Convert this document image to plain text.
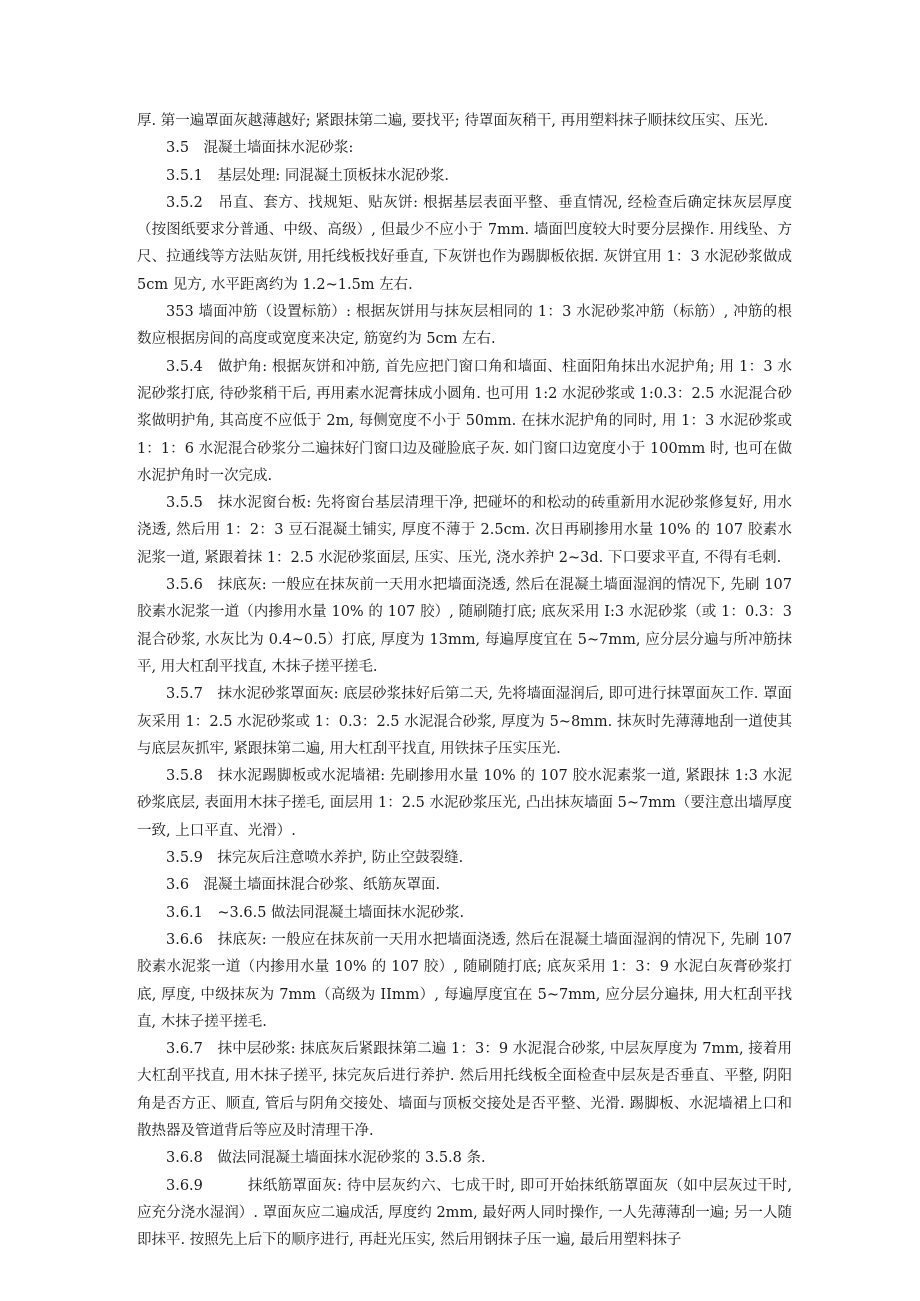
厚. 第一遍罩面灰越薄越好; 紧跟抹第二遍, 要找平; 待罩面灰稍干, 再用塑料抹子顺抹纹压实、压光.

3.5　混凝土墙面抹水泥砂浆:

3.5.1　基层处理: 同混凝土顶板抹水泥砂浆.

3.5.2　吊直、套方、找规矩、贴灰饼: 根据基层表面平整、垂直情况, 经检查后确定抹灰层厚度（按图纸要求分普通、中级、高级）, 但最少不应小于 7mm. 墙面凹度较大时要分层操作. 用线坠、方尺、拉通线等方法贴灰饼, 用托线板找好垂直, 下灰饼也作为踢脚板依据. 灰饼宜用 1：3 水泥砂浆做成 5cm 见方, 水平距离约为 1.2~1.5m 左右.

353 墙面冲筋（设置标筋）: 根据灰饼用与抹灰层相同的 1：3 水泥砂浆冲筋（标筋）, 冲筋的根数应根据房间的高度或宽度来决定, 筋宽约为 5cm 左右.

3.5.4　做护角: 根据灰饼和冲筋, 首先应把门窗口角和墙面、柱面阳角抹出水泥护角; 用 1：3 水泥砂浆打底, 待砂浆稍干后, 再用素水泥膏抹成小圆角. 也可用 1:2 水泥砂浆或 1:0.3：2.5 水泥混合砂浆做明护角, 其高度不应低于 2m, 每侧宽度不小于 50mm. 在抹水泥护角的同时, 用 1：3 水泥砂浆或 1：1：6 水泥混合砂浆分二遍抹好门窗口边及碰脸底子灰. 如门窗口边宽度小于 100mm 时, 也可在做水泥护角时一次完成.

3.5.5　抹水泥窗台板: 先将窗台基层清理干净, 把碰坏的和松动的砖重新用水泥砂浆修复好, 用水浇透, 然后用 1：2：3 豆石混凝土铺实, 厚度不薄于 2.5cm. 次日再刷掺用水量 10% 的 107 胶素水泥浆一道, 紧跟着抹 1：2.5 水泥砂浆面层, 压实、压光, 浇水养护 2~3d. 下口要求平直, 不得有毛刺.

3.5.6　抹底灰: 一般应在抹灰前一天用水把墙面浇透, 然后在混凝土墙面湿润的情况下, 先刷 107 胶素水泥浆一道（内掺用水量 10% 的 107 胶）, 随刷随打底; 底灰采用 I:3 水泥砂浆（或 1：0.3：3 混合砂浆, 水灰比为 0.4~0.5）打底, 厚度为 13mm, 每遍厚度宜在 5~7mm, 应分层分遍与所冲筋抹平, 用大杠刮平找直, 木抹子搓平搓毛.

3.5.7　抹水泥砂浆罩面灰: 底层砂浆抹好后第二天, 先将墙面湿润后, 即可进行抹罩面灰工作. 罩面灰采用 1：2.5 水泥砂浆或 1：0.3：2.5 水泥混合砂浆, 厚度为 5~8mm. 抹灰时先薄薄地刮一道使其与底层灰抓牢, 紧跟抹第二遍, 用大杠刮平找直, 用铁抹子压实压光.

3.5.8　抹水泥踢脚板或水泥墙裙: 先刷掺用水量 10% 的 107 胶水泥素浆一道, 紧跟抹 1:3 水泥砂浆底层, 表面用木抹子搓毛, 面层用 1：2.5 水泥砂浆压光, 凸出抹灰墙面 5~7mm（要注意出墙厚度一致, 上口平直、光滑）.

3.5.9　抹完灰后注意喷水养护, 防止空鼓裂缝.

3.6　混凝土墙面抹混合砂浆、纸筋灰罩面.

3.6.1　~3.6.5 做法同混凝土墙面抹水泥砂浆.

3.6.6　抹底灰: 一般应在抹灰前一天用水把墙面浇透, 然后在混凝土墙面湿润的情况下, 先刷 107 胶素水泥浆一道（内掺用水量 10% 的 107 胶）, 随刷随打底; 底灰采用 1：3：9 水泥白灰膏砂浆打底, 厚度, 中级抹灰为 7mm（高级为 IImm）, 每遍厚度宜在 5~7mm, 应分层分遍抹, 用大杠刮平找直, 木抹子搓平搓毛.

3.6.7　抹中层砂浆: 抹底灰后紧跟抹第二遍 1：3：9 水泥混合砂浆, 中层灰厚度为 7mm, 接着用大杠刮平找直, 用木抹子搓平, 抹完灰后进行养护. 然后用托线板全面检查中层灰是否垂直、平整, 阴阳角是否方正、顺直, 管后与阴角交接处、墙面与顶板交接处是否平整、光滑. 踢脚板、水泥墙裙上口和散热器及管道背后等应及时清理干净.

3.6.8　做法同混凝土墙面抹水泥砂浆的 3.5.8 条.

3.6.9　　　抹纸筋罩面灰: 待中层灰约六、七成干时, 即可开始抹纸筋罩面灰（如中层灰过干时, 应充分浇水湿润）. 罩面灰应二遍成活, 厚度约 2mm, 最好两人同时操作, 一人先薄薄刮一遍; 另一人随即抹平. 按照先上后下的顺序进行, 再赶光压实, 然后用钢抹子压一遍, 最后用塑料抹子
